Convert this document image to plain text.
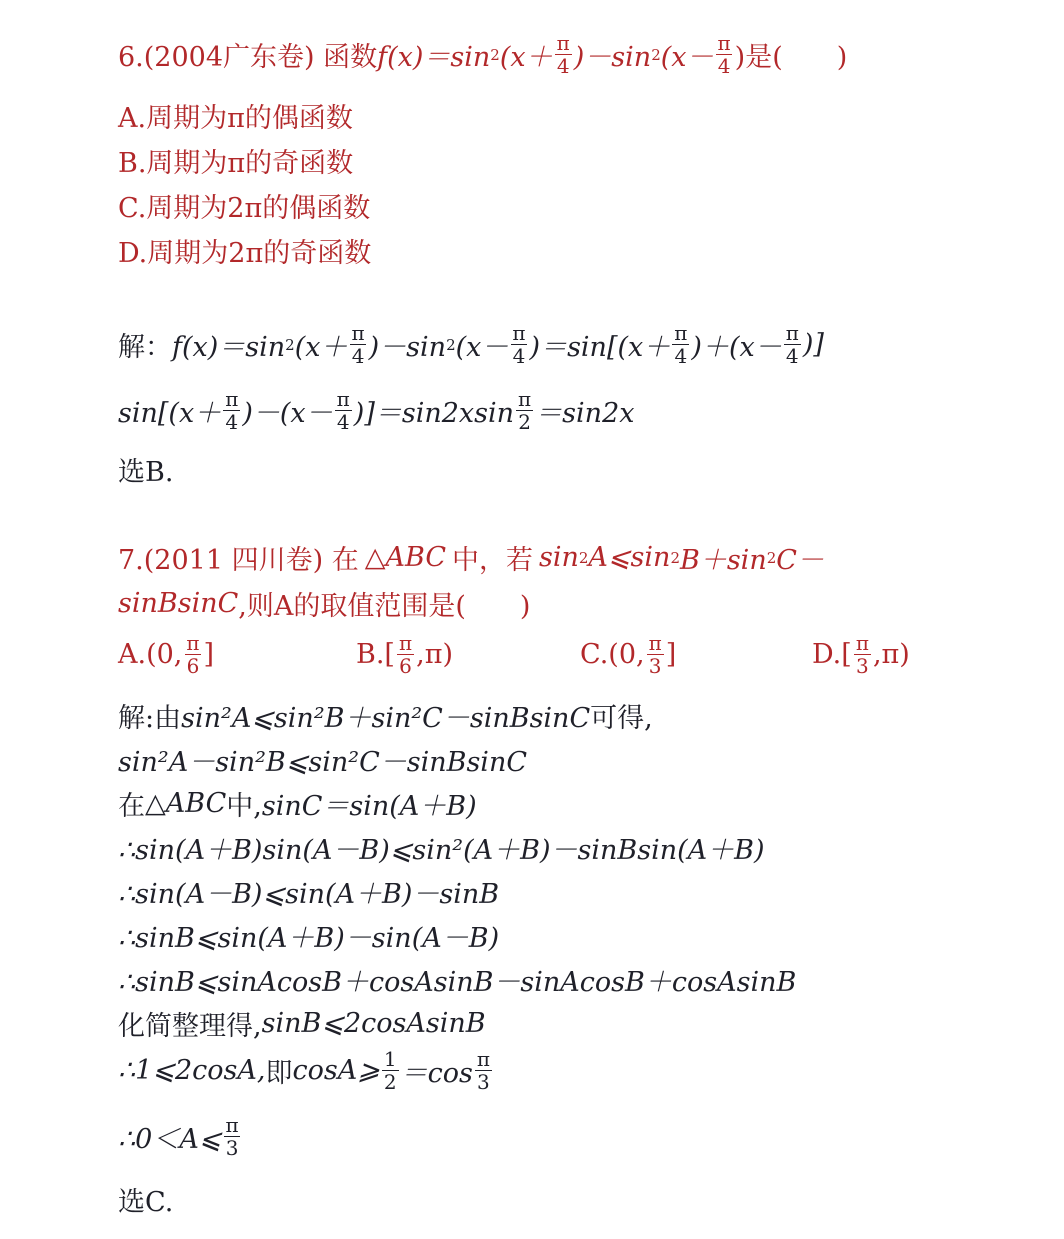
6.(2004广东卷) 函数 f(x)＝sin 2 $(x+ \frac{\pi}{4} )-\sin$ 2 ($x- \frac{\pi}{4}$ )是(　　)
A.周期为π的偶函数
B.周期为π的奇函数
C.周期为2π的偶函数
D.周期为2π的奇函数
解： f(x)＝sin 2 $(x+ \frac{\pi}{4} )-\sin$ 2 $(x- \frac{\pi}{4} )=\sin[(x+ \frac{\pi}{4} )+(x- \frac{\pi}{4}$ )]
$\sin[(x+ \frac{\pi}{4} )-(x- \frac{\pi}{4} )]=\sin 2xsin \frac{\pi}{2} =\sin 2x$
选B.
7.(2011 四川卷) 在 △ABC 中，若 sin 2 A⩽sin 2 B＋sin 2 C－
sinBsinC ,则A的取值范围是(　　)
A.(0, $\frac{\pi}{6}$ ]	$B.[ \frac{\pi}{6} ,\pi)$	C.(0, $\frac{\pi}{3}$ ]	$D.[ \frac{\pi}{3} ,\pi)$
解:由 sin²A⩽sin²B＋sin²C－sinBsinC 可得,
sin²A－sin²B⩽sin²C－sinBsinC
在 △ABC 中, sinC＝sin(A＋B)
∴sin(A＋B)sin(A－B)⩽sin²(A＋B)－sinBsin(A＋B)
∴sin(A－B)⩽sin(A＋B)－sinB
∴sinB⩽sin(A＋B)－sin(A－B)
∴sinB⩽sinAcosB＋cosAsinB－sinAcosB＋cosAsinB
化简整理得, sinB⩽2cosAsinB
∴1⩽2cosA, 即 cosA⩾ $\frac{1}{2} =\cos \frac{\pi}{3}$
∴0＜A⩽ $\frac{\pi}{3}$
选C.
